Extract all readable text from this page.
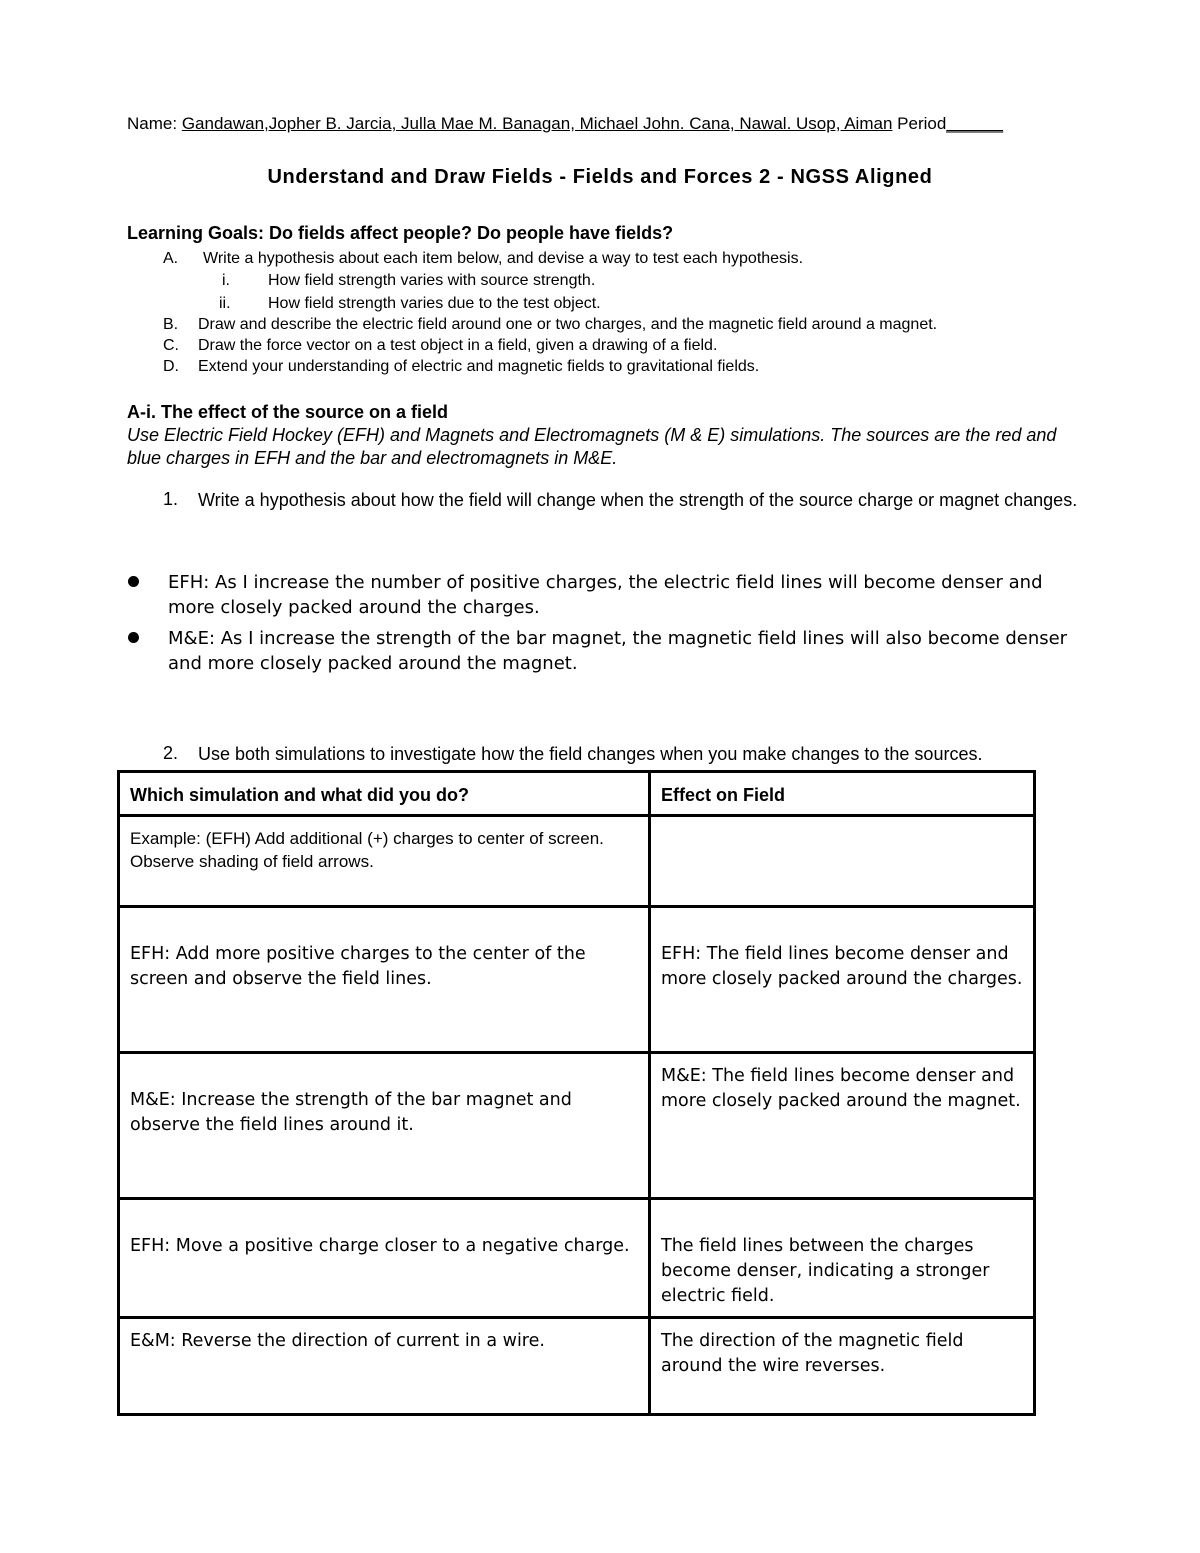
Name: Gandawan,Jopher B. Jarcia, Julla Mae M. Banagan, Michael John. Cana, Nawal. Usop, Aiman Period______
Understand and Draw Fields - Fields and Forces 2 - NGSS Aligned
Learning Goals: Do fields affect people? Do people have fields?
A. Write a hypothesis about each item below, and devise a way to test each hypothesis.
i. How field strength varies with source strength.
ii. How field strength varies due to the test object.
B. Draw and describe the electric field around one or two charges, and the magnetic field around a magnet.
C. Draw the force vector on a test object in a field, given a drawing of a field.
D. Extend your understanding of electric and magnetic fields to gravitational fields.
A-i. The effect of the source on a field
Use Electric Field Hockey (EFH) and Magnets and Electromagnets (M & E) simulations. The sources are the red and blue charges in EFH and the bar and electromagnets in M&E.
1. Write a hypothesis about how the field will change when the strength of the source charge or magnet changes.
EFH: As I increase the number of positive charges, the electric field lines will become denser and more closely packed around the charges.
M&E: As I increase the strength of the bar magnet, the magnetic field lines will also become denser and more closely packed around the magnet.
2. Use both simulations to investigate how the field changes when you make changes to the sources.
Which simulation and what did you do?	Effect on Field
Example: (EFH) Add additional (+) charges to center of screen. Observe shading of field arrows.	
EFH: Add more positive charges to the center of the screen and observe the field lines.	EFH: The field lines become denser and more closely packed around the charges.
M&E: Increase the strength of the bar magnet and observe the field lines around it.	M&E: The field lines become denser and more closely packed around the magnet.
EFH: Move a positive charge closer to a negative charge.	The field lines between the charges become denser, indicating a stronger electric field.
E&M: Reverse the direction of current in a wire.	The direction of the magnetic field around the wire reverses.
